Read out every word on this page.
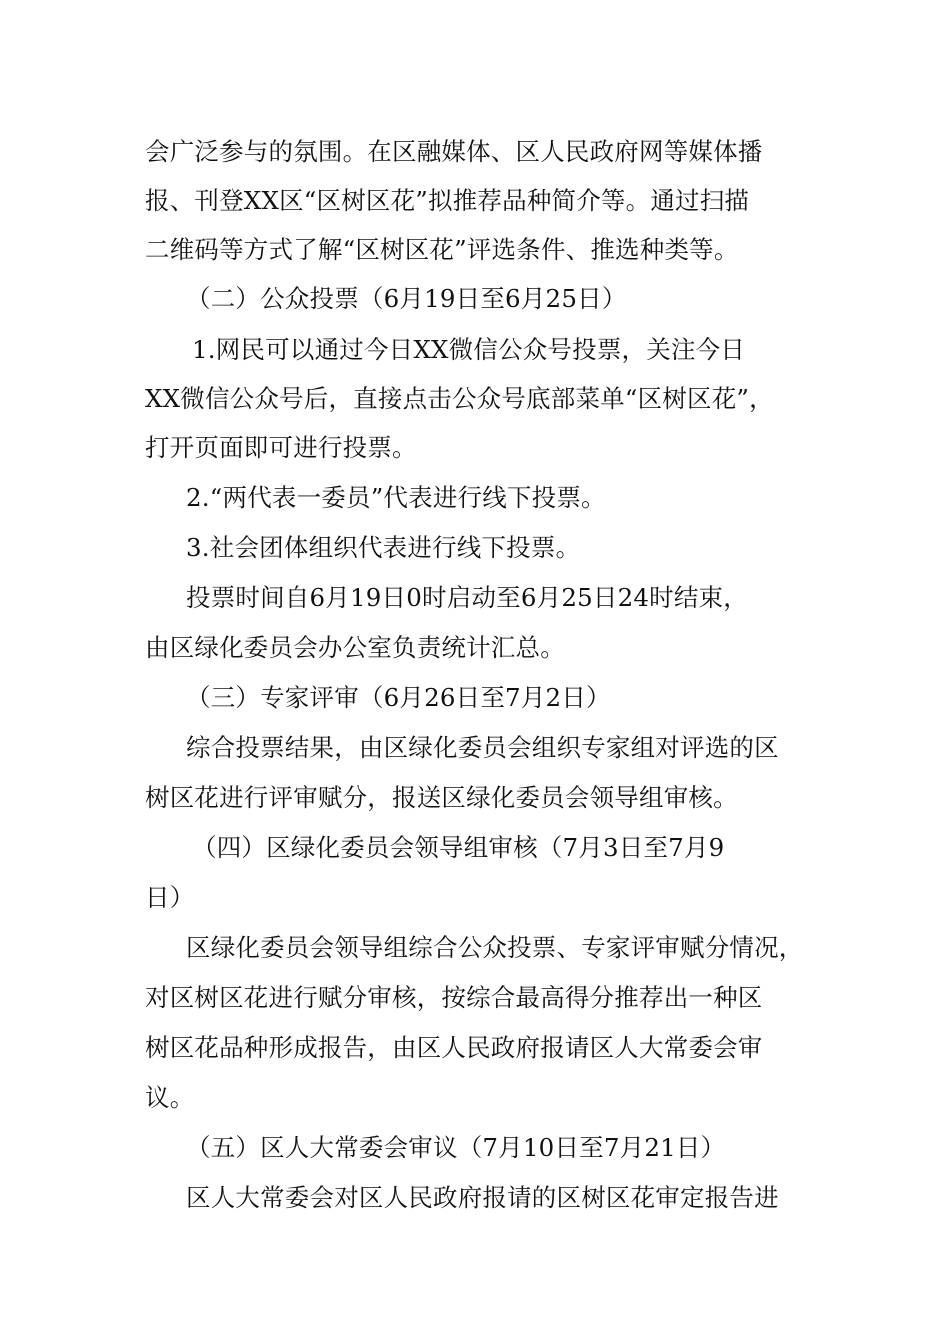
会广泛参与的氛围。在区融媒体、区人民政府网等媒体播
报、刊登XX区“区树区花”拟推荐品种简介等。通过扫描
二维码等方式了解“区树区花”评选条件、推选种类等。
（二）公众投票（6月19日至6月25日）
1.网民可以通过今日XX微信公众号投票，关注今日
XX微信公众号后，直接点击公众号底部菜单“区树区花”，
打开页面即可进行投票。
2.“两代表一委员”代表进行线下投票。
3.社会团体组织代表进行线下投票。
投票时间自6月19日0时启动至6月25日24时结束，
由区绿化委员会办公室负责统计汇总。
（三）专家评审（6月26日至7月2日）
综合投票结果，由区绿化委员会组织专家组对评选的区
树区花进行评审赋分，报送区绿化委员会领导组审核。
（四）区绿化委员会领导组审核（7月3日至7月9
日）
区绿化委员会领导组综合公众投票、专家评审赋分情况，
对区树区花进行赋分审核，按综合最高得分推荐出一种区
树区花品种形成报告，由区人民政府报请区人大常委会审
议。
（五）区人大常委会审议（7月10日至7月21日）
区人大常委会对区人民政府报请的区树区花审定报告进
